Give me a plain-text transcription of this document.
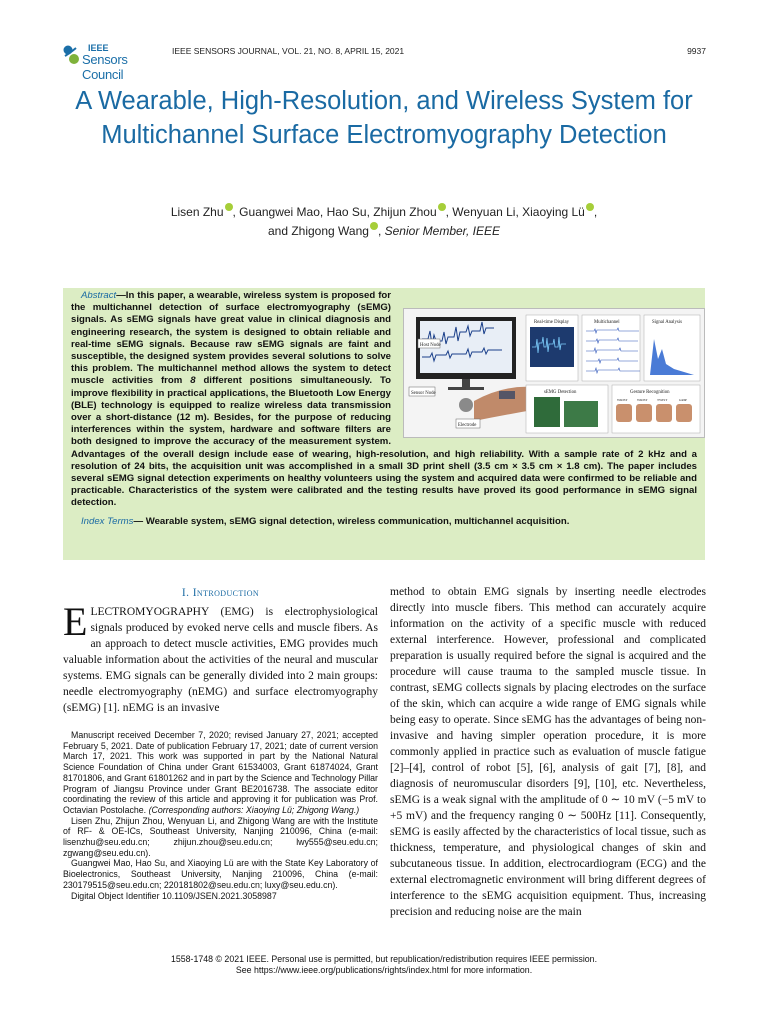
IEEE
Sensors Council
IEEE SENSORS JOURNAL, VOL. 21, NO. 8, APRIL 15, 2021	9937
A Wearable, High-Resolution, and Wireless System for Multichannel Surface Electromyography Detection
Lisen Zhu , Guangwei Mao, Hao Su, Zhijun Zhou , Wenyuan Li, Xiaoying Lü ,
and Zhigong Wang , Senior Member, IEEE

Abstract—In this paper, a wearable, wireless system is proposed for the multichannel detection of surface electromyography (sEMG) signals. As sEMG signals have great value in clinical diagnosis and engineering research, the system is designed to obtain reliable and real-time sEMG signals. Because raw sEMG signals are faint and susceptible, the designed system provides several solutions to solve this problem. The multichannel method allows the system to detect muscle activities from 8 different positions simultaneously. To improve flexibility in practical applications, the Bluetooth Low Energy (BLE) technology is equipped to realize wireless data transmission over a short-distance (12 m). Besides, for the purpose of reducing interferences within the system, hardware and software filters are both designed to improve the accuracy of the measurement system. Advantages of the overall design include ease of wearing, high-resolution, and high reliability. With a sample rate of 2 kHz and a resolution of 24 bits, the acquisition unit was accomplished in a small 3D print shell (3.5 cm × 3.5 cm × 1.8 cm). The paper includes several sEMG signal detection experiments on healthy volunteers using the system and acquired data were confirmed to be reliable and practicable. Characteristics of the system were calibrated and the testing results have proved its good performance in sEMG signal detection.

Index Terms— Wearable system, sEMG signal detection, wireless communication, multichannel acquisition.

Host Node
Sensor Node
Electrode
Real-time Display	Multichannel	Signal Analysis
sEMG Detection	Gesture Recognition
WRIST	WRIST	TWIST	GRIP
I. Introduction

ELECTROMYOGRAPHY (EMG) is electrophysiological signals produced by evoked nerve cells and muscle fibers. As an approach to detect muscle activities, EMG provides much valuable information about the activities of the neural and muscular systems. EMG signals can be generally divided into 2 main groups: needle electromyography (nEMG) and surface electromyography (sEMG) [1]. nEMG is an invasive

Manuscript received December 7, 2020; revised January 27, 2021; accepted February 5, 2021. Date of publication February 17, 2021; date of current version March 17, 2021. This work was supported in part by the National Natural Science Foundation of China under Grant 61534003, Grant 61874024, Grant 81701806, and Grant 61801262 and in part by the Science and Technology Pillar Program of Jiangsu Province under Grant BE2016738. The associate editor coordinating the review of this article and approving it for publication was Prof. Octavian Postolache. (Corresponding authors: Xiaoying Lü; Zhigong Wang.)

Lisen Zhu, Zhijun Zhou, Wenyuan Li, and Zhigong Wang are with the Institute of RF- & OE-ICs, Southeast University, Nanjing 210096, China (e-mail: lisenzhu@seu.edu.cn; zhijun.zhou@seu.edu.cn; lwy555@seu.edu.cn; zgwang@seu.edu.cn).

Guangwei Mao, Hao Su, and Xiaoying Lü are with the State Key Laboratory of Bioelectronics, Southeast University, Nanjing 210096, China (e-mail: 230179515@seu.edu.cn; 220181802@seu.edu.cn; luxy@seu.edu.cn).

Digital Object Identifier 10.1109/JSEN.2021.3058987

method to obtain EMG signals by inserting needle electrodes directly into muscle fibers. This method can accurately acquire information on the activity of a specific muscle with reduced external interference. However, professional and complicated preparation is usually required before the signal is acquired and the procedure will cause trauma to the sampled muscle tissue. In contrast, sEMG collects signals by placing electrodes on the surface of the skin, which can acquire a wide range of EMG signals while being easy to operate. Since sEMG has the advantages of being non-invasive and having simpler operation procedure, it is more commonly applied in practice such as evaluation of muscle fatigue [2]–[4], control of robot [5], [6], analysis of gait [7], [8], and diagnosis of neuromuscular disorders [9], [10], etc. Nevertheless, sEMG is a weak signal with the amplitude of 0 ∼ 10 mV (−5 mV to +5 mV) and the frequency ranging 0 ∼ 500Hz [11]. Consequently, sEMG is easily affected by the characteristics of local tissue, such as thickness, temperature, and physiological changes of skin and subcutaneous tissue. In addition, electrocardiogram (ECG) and the external electromagnetic environment will bring different degrees of interference to the sEMG acquisition equipment. Thus, increasing precision and reducing noise are the main

1558-1748 © 2021 IEEE. Personal use is permitted, but republication/redistribution requires IEEE permission.
See https://www.ieee.org/publications/rights/index.html for more information.
